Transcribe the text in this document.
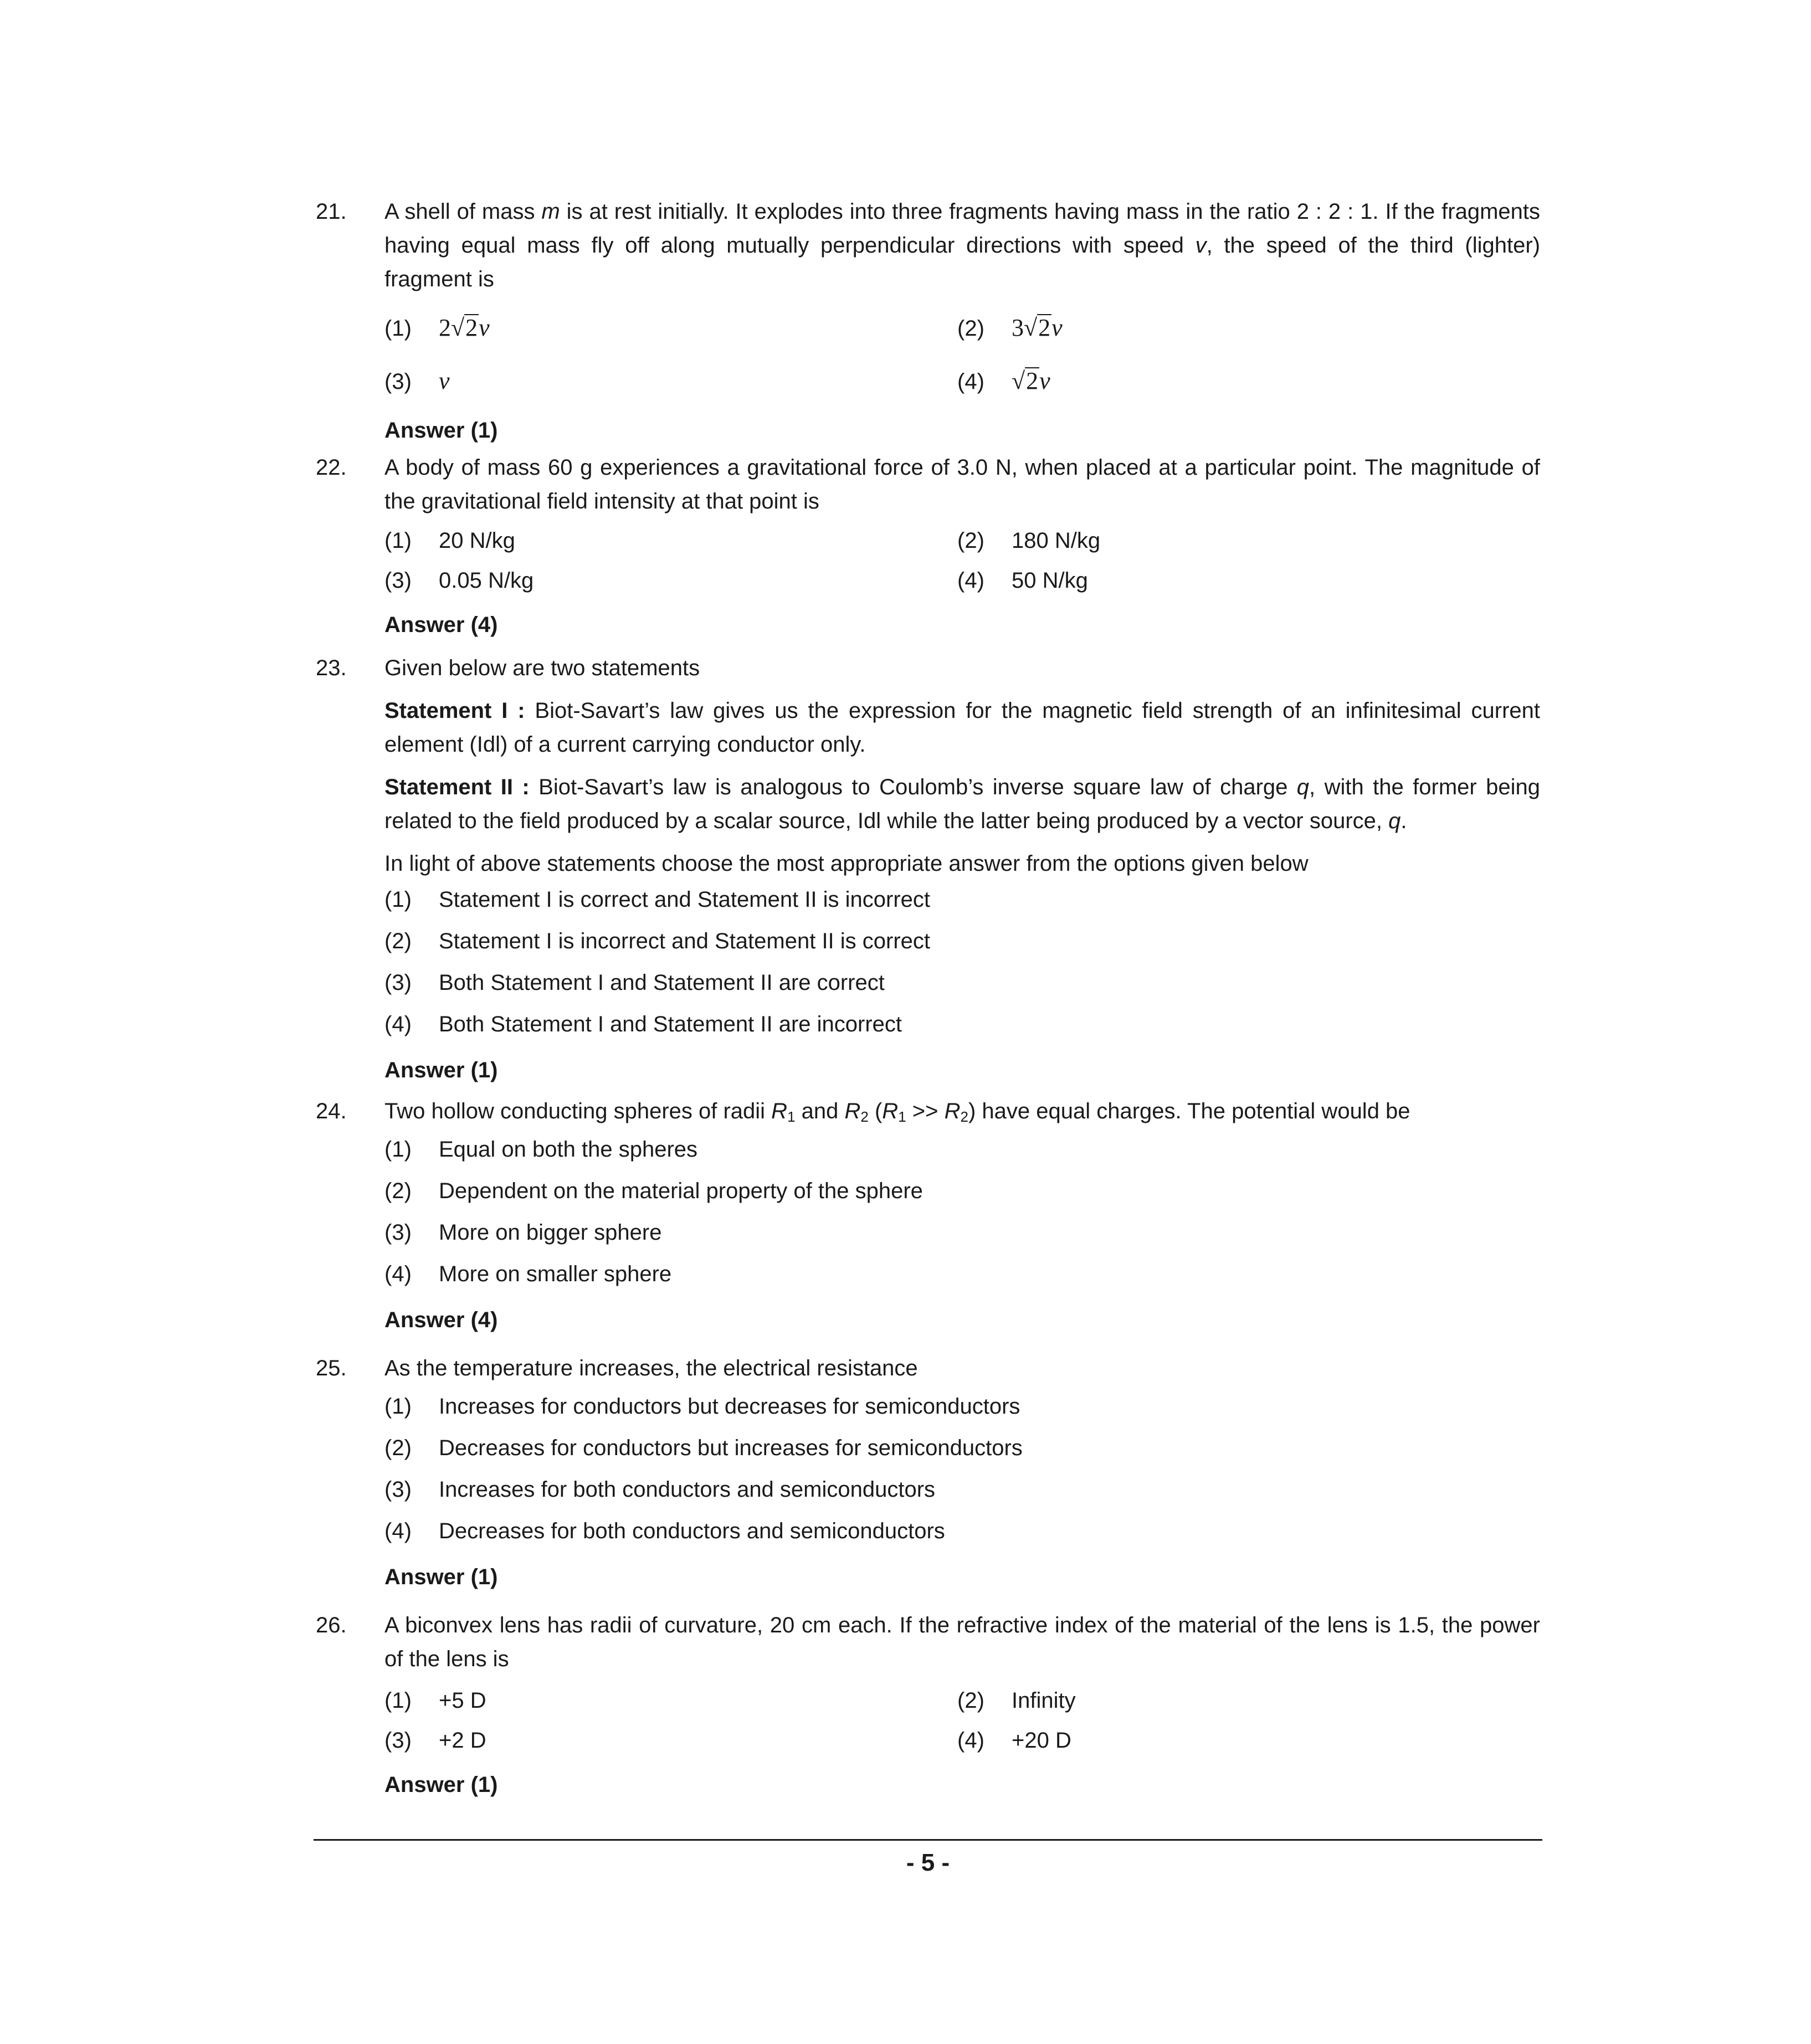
21.	A shell of mass m is at rest initially. It explodes into three fragments having mass in the ratio 2 : 2 : 1. If the fragments having equal mass fly off along mutually perpendicular directions with speed v, the speed of the third (lighter) fragment is
(1)	2√2v	(2)	3√2v
(3)	v	(4)	√2v
Answer (1)
22.	A body of mass 60 g experiences a gravitational force of 3.0 N, when placed at a particular point. The magnitude of the gravitational field intensity at that point is
(1)	20 N/kg	(2)	180 N/kg
(3)	0.05 N/kg	(4)	50 N/kg
Answer (4)
23.	Given below are two statements
Statement I : Biot-Savart’s law gives us the expression for the magnetic field strength of an infinitesimal current element (Idl) of a current carrying conductor only.
Statement II : Biot-Savart’s law is analogous to Coulomb’s inverse square law of charge q, with the former being related to the field produced by a scalar source, Idl while the latter being produced by a vector source, q.
In light of above statements choose the most appropriate answer from the options given below
(1)	Statement I is correct and Statement II is incorrect
(2)	Statement I is incorrect and Statement II is correct
(3)	Both Statement I and Statement II are correct
(4)	Both Statement I and Statement II are incorrect
Answer (1)
24.	Two hollow conducting spheres of radii $R_1$ and $R_2$ $(R_1 >> R_2)$ have equal charges. The potential would be
(1)	Equal on both the spheres
(2)	Dependent on the material property of the sphere
(3)	More on bigger sphere
(4)	More on smaller sphere
Answer (4)
25.	As the temperature increases, the electrical resistance
(1)	Increases for conductors but decreases for semiconductors
(2)	Decreases for conductors but increases for semiconductors
(3)	Increases for both conductors and semiconductors
(4)	Decreases for both conductors and semiconductors
Answer (1)
26.	A biconvex lens has radii of curvature, 20 cm each. If the refractive index of the material of the lens is 1.5, the power of the lens is
(1)	+5 D	(2)	Infinity
(3)	+2 D	(4)	+20 D
Answer (1)
- 5 -
